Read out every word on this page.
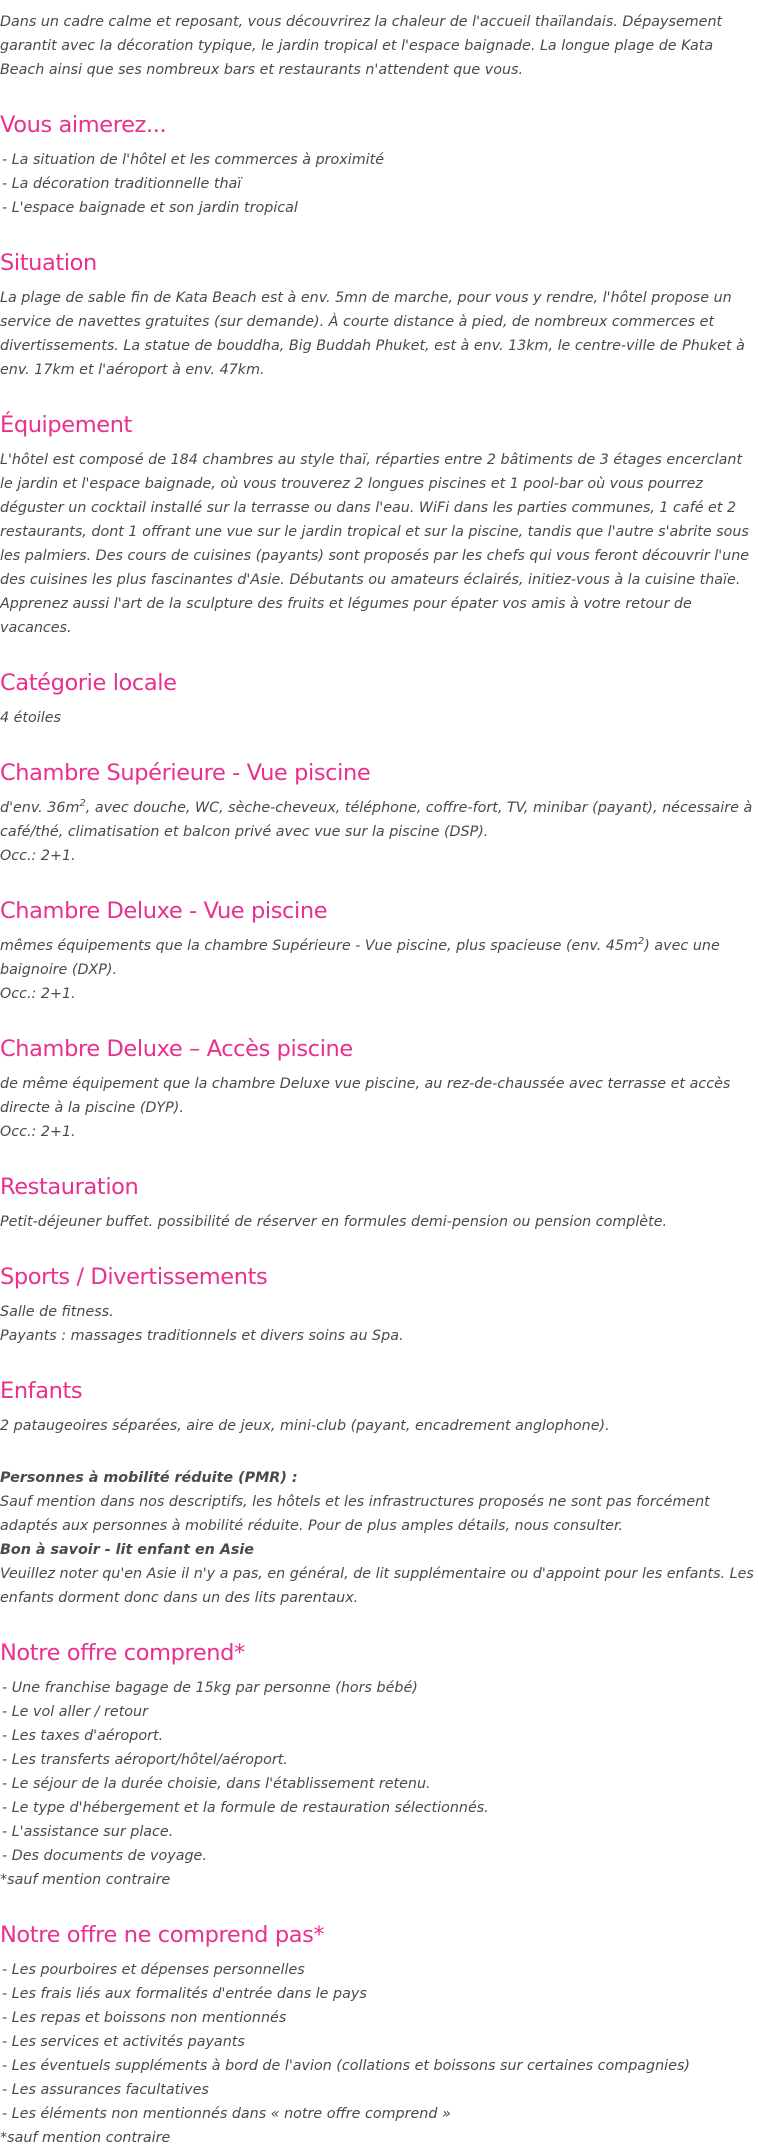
Dans un cadre calme et reposant, vous découvrirez la chaleur de l'accueil thaïlandais. Dépaysement garantit avec la décoration typique, le jardin tropical et l'espace baignade. La longue plage de Kata Beach ainsi que ses nombreux bars et restaurants n'attendent que vous.

Vous aimerez...
- La situation de l'hôtel et les commerces à proximité
- La décoration traditionnelle thaï
- L'espace baignade et son jardin tropical
Situation

La plage de sable fin de Kata Beach est à env. 5mn de marche, pour vous y rendre, l'hôtel propose un service de navettes gratuites (sur demande). À courte distance à pied, de nombreux commerces et divertissements. La statue de bouddha, Big Buddah Phuket, est à env. 13km, le centre-ville de Phuket à env. 17km et l'aéroport à env. 47km.

Équipement

L'hôtel est composé de 184 chambres au style thaï, réparties entre 2 bâtiments de 3 étages encerclant le jardin et l'espace baignade, où vous trouverez 2 longues piscines et 1 pool-bar où vous pourrez déguster un cocktail installé sur la terrasse ou dans l'eau. WiFi dans les parties communes, 1 café et 2 restaurants, dont 1 offrant une vue sur le jardin tropical et sur la piscine, tandis que l'autre s'abrite sous les palmiers. Des cours de cuisines (payants) sont proposés par les chefs qui vous feront découvrir l'une des cuisines les plus fascinantes d'Asie. Débutants ou amateurs éclairés, initiez-vous à la cuisine thaïe. Apprenez aussi l'art de la sculpture des fruits et légumes pour épater vos amis à votre retour de vacances.

Catégorie locale

4 étoiles

Chambre Supérieure - Vue piscine

d'env. $36m^2$, avec douche, WC, sèche-cheveux, téléphone, coffre-fort, TV, minibar (payant), nécessaire à café/thé, climatisation et balcon privé avec vue sur la piscine (DSP).

Occ.: 2+1.

Chambre Deluxe - Vue piscine

mêmes équipements que la chambre Supérieure - Vue piscine, plus spacieuse (env. $45m^2$) avec une baignoire (DXP).

Occ.: 2+1.

Chambre Deluxe – Accès piscine

de même équipement que la chambre Deluxe vue piscine, au rez-de-chaussée avec terrasse et accès directe à la piscine (DYP).

Occ.: 2+1.

Restauration

Petit-déjeuner buffet. possibilité de réserver en formules demi-pension ou pension complète.

Sports / Divertissements

Salle de fitness.

Payants : massages traditionnels et divers soins au Spa.

Enfants

2 pataugeoires séparées, aire de jeux, mini-club (payant, encadrement anglophone).

Personnes à mobilité réduite (PMR) :

Sauf mention dans nos descriptifs, les hôtels et les infrastructures proposés ne sont pas forcément adaptés aux personnes à mobilité réduite. Pour de plus amples détails, nous consulter.

Bon à savoir - lit enfant en Asie

Veuillez noter qu'en Asie il n'y a pas, en général, de lit supplémentaire ou d'appoint pour les enfants. Les enfants dorment donc dans un des lits parentaux.

Notre offre comprend*
- Une franchise bagage de 15kg par personne (hors bébé)
- Le vol aller / retour
- Les taxes d'aéroport.
- Les transferts aéroport/hôtel/aéroport.
- Le séjour de la durée choisie, dans l'établissement retenu.
- Le type d'hébergement et la formule de restauration sélectionnés.
- L'assistance sur place.
- Des documents de voyage.

*sauf mention contraire

Notre offre ne comprend pas*
- Les pourboires et dépenses personnelles
- Les frais liés aux formalités d'entrée dans le pays
- Les repas et boissons non mentionnés
- Les services et activités payants
- Les éventuels suppléments à bord de l'avion (collations et boissons sur certaines compagnies)
- Les assurances facultatives
- Les éléments non mentionnés dans « notre offre comprend »

*sauf mention contraire
